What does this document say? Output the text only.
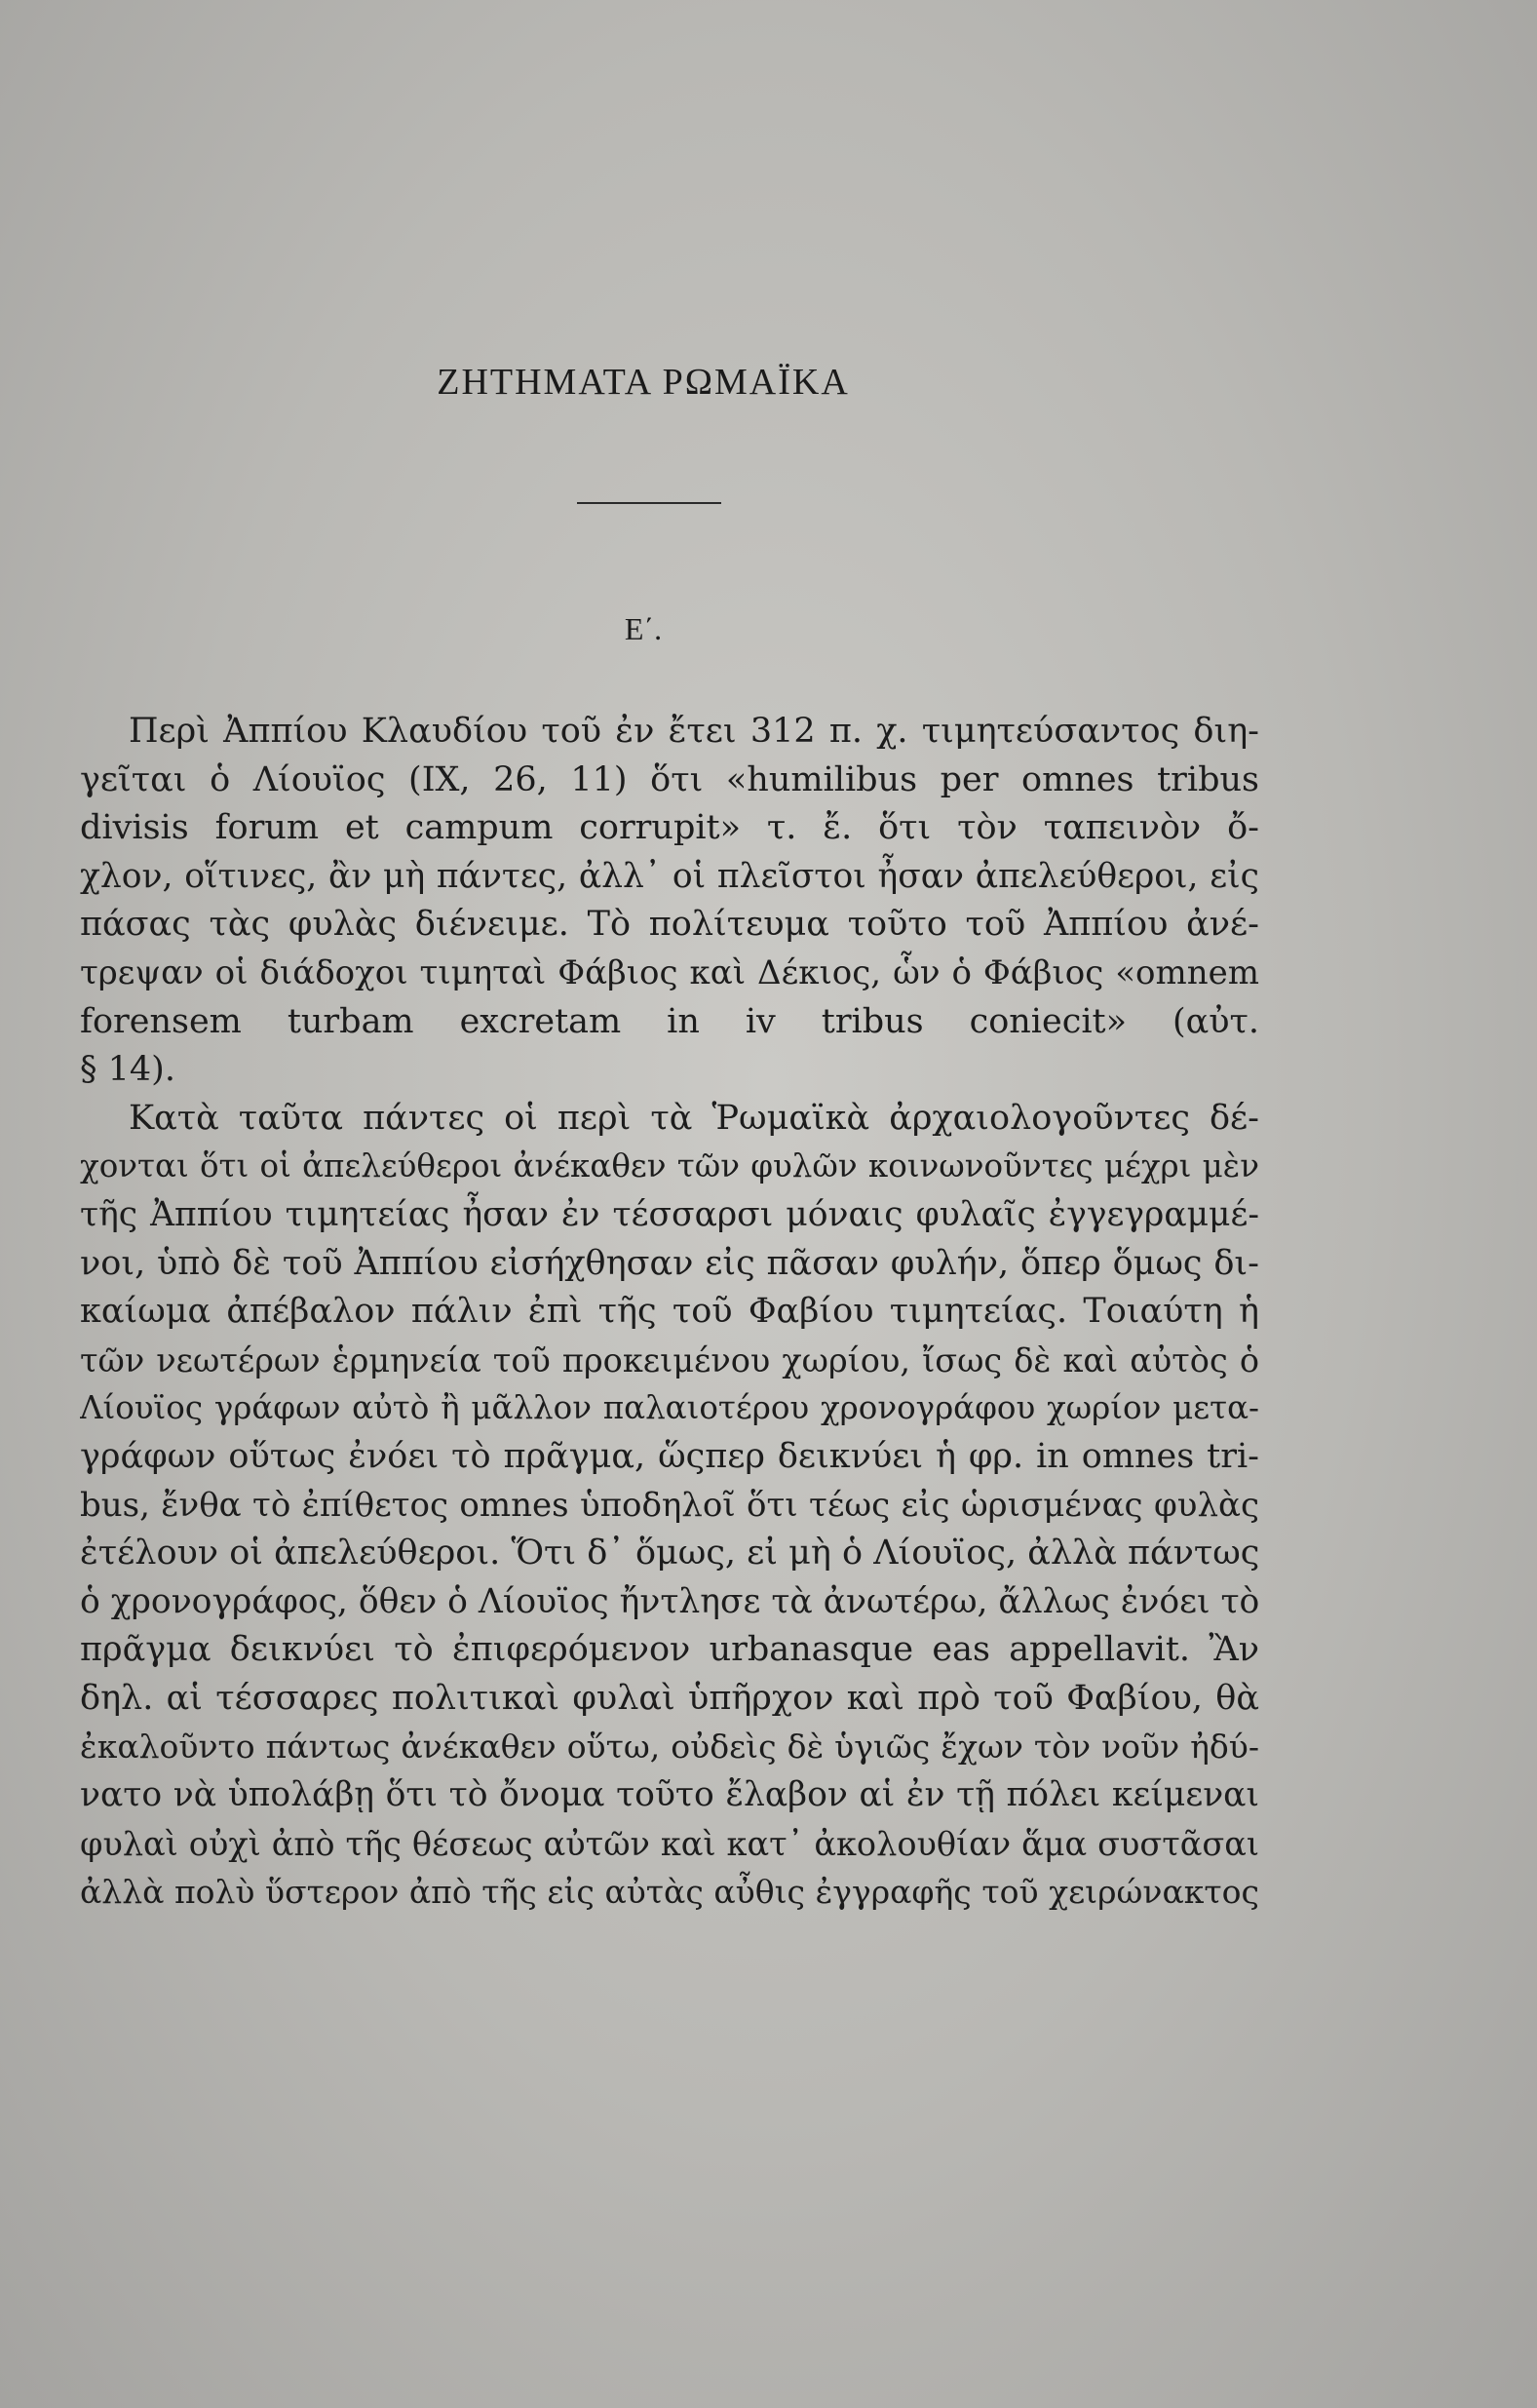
ΖΗΤΗΜΑΤΑ ΡΩΜΑΪΚΑ
Ε΄.
Περὶ Ἀππίου Κλαυδίου τοῦ ἐν ἔτει 312 π. χ. τιμητεύσαντος διη-
γεῖται ὁ Λίουϊος (IX, 26, 11) ὅτι «humilibus per omnes tribus
divisis forum et campum corrupit» τ. ἔ. ὅτι τὸν ταπεινὸν ὄ-
χλον, οἵτινες, ἂν μὴ πάντες, ἀλλ᾽ οἱ πλεῖστοι ἦσαν ἀπελεύθεροι, εἰς
πάσας τὰς φυλὰς διένειμε. Τὸ πολίτευμα τοῦτο τοῦ Ἀππίου ἀνέ-
τρεψαν οἱ διάδοχοι τιμηταὶ Φάβιος καὶ Δέκιος, ὧν ὁ Φάβιος «omnem
forensem turbam excretam in iv tribus coniecit» (αὐτ.
§ 14).
Κατὰ ταῦτα πάντες οἱ περὶ τὰ Ῥωμαϊκὰ ἀρχαιολογοῦντες δέ-
χονται ὅτι οἱ ἀπελεύθεροι ἀνέκαθεν τῶν φυλῶν κοινωνοῦντες μέχρι μὲν
τῆς Ἀππίου τιμητείας ἦσαν ἐν τέσσαρσι μόναις φυλαῖς ἐγγεγραμμέ-
νοι, ὑπὸ δὲ τοῦ Ἀππίου εἰσήχθησαν εἰς πᾶσαν φυλήν, ὅπερ ὅμως δι-
καίωμα ἀπέβαλον πάλιν ἐπὶ τῆς τοῦ Φαβίου τιμητείας. Τοιαύτη ἡ
τῶν νεωτέρων ἑρμηνεία τοῦ προκειμένου χωρίου, ἴσως δὲ καὶ αὐτὸς ὁ
Λίουϊος γράφων αὐτὸ ἢ μᾶλλον παλαιοτέρου χρονογράφου χωρίον μετα-
γράφων οὕτως ἐνόει τὸ πρᾶγμα, ὥςπερ δεικνύει ἡ φρ. in omnes tri-
bus, ἔνθα τὸ ἐπίθετος omnes ὑποδηλοῖ ὅτι τέως εἰς ὡρισμένας φυλὰς
ἐτέλουν οἱ ἀπελεύθεροι. Ὅτι δ᾽ ὅμως, εἰ μὴ ὁ Λίουϊος, ἀλλὰ πάντως
ὁ χρονογράφος, ὅθεν ὁ Λίουϊος ἤντλησε τὰ ἀνωτέρω, ἄλλως ἐνόει τὸ
πρᾶγμα δεικνύει τὸ ἐπιφερόμενον urbanasque eas appellavit. Ἂν
δηλ. αἱ τέσσαρες πολιτικαὶ φυλαὶ ὑπῆρχον καὶ πρὸ τοῦ Φαβίου, θὰ
ἐκαλοῦντο πάντως ἀνέκαθεν οὕτω, οὐδεὶς δὲ ὑγιῶς ἔχων τὸν νοῦν ἠδύ-
νατο νὰ ὑπολάβῃ ὅτι τὸ ὄνομα τοῦτο ἔλαβον αἱ ἐν τῇ πόλει κείμεναι
φυλαὶ οὐχὶ ἀπὸ τῆς θέσεως αὐτῶν καὶ κατ᾽ ἀκολουθίαν ἅμα συστᾶσαι
ἀλλὰ πολὺ ὕστερον ἀπὸ τῆς εἰς αὐτὰς αὖθις ἐγγραφῆς τοῦ χειρώνακτος
